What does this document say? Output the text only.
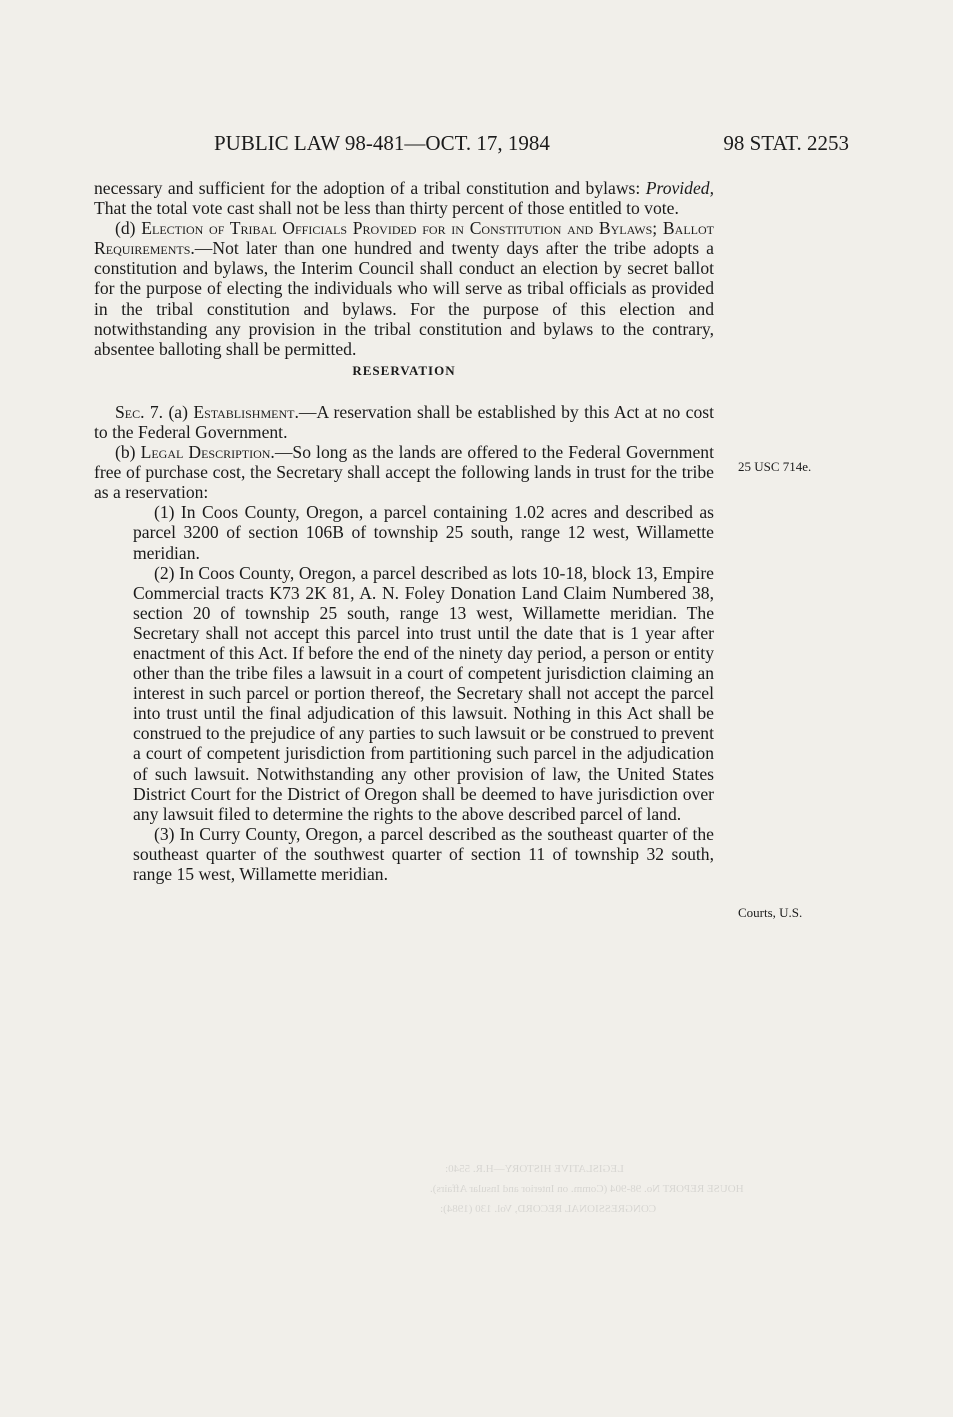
PUBLIC LAW 98-481—OCT. 17, 1984	98 STAT. 2253

necessary and sufficient for the adoption of a tribal constitution and bylaws: Provided, That the total vote cast shall not be less than thirty percent of those entitled to vote.

(d) Election of Tribal Officials Provided for in Constitution and Bylaws; Ballot Requirements.—Not later than one hundred and twenty days after the tribe adopts a constitution and bylaws, the Interim Council shall conduct an election by secret ballot for the purpose of electing the individuals who will serve as tribal officials as provided in the tribal constitution and bylaws. For the purpose of this election and notwithstanding any provision in the tribal constitution and bylaws to the contrary, absentee balloting shall be permitted.

RESERVATION

Sec. 7. (a) Establishment.—A reservation shall be established by this Act at no cost to the Federal Government.

(b) Legal Description.—So long as the lands are offered to the Federal Government free of purchase cost, the Secretary shall accept the following lands in trust for the tribe as a reservation:

(1) In Coos County, Oregon, a parcel containing 1.02 acres and described as parcel 3200 of section 106B of township 25 south, range 12 west, Willamette meridian.

(2) In Coos County, Oregon, a parcel described as lots 10-18, block 13, Empire Commercial tracts K73 2K 81, A. N. Foley Donation Land Claim Numbered 38, section 20 of township 25 south, range 13 west, Willamette meridian. The Secretary shall not accept this parcel into trust until the date that is 1 year after enactment of this Act. If before the end of the ninety day period, a person or entity other than the tribe files a lawsuit in a court of competent jurisdiction claiming an interest in such parcel or portion thereof, the Secretary shall not accept the parcel into trust until the final adjudication of this lawsuit. Nothing in this Act shall be construed to the prejudice of any parties to such lawsuit or be construed to prevent a court of competent jurisdiction from partitioning such parcel in the adjudication of such lawsuit. Notwithstanding any other provision of law, the United States District Court for the District of Oregon shall be deemed to have jurisdiction over any lawsuit filed to determine the rights to the above described parcel of land.

(3) In Curry County, Oregon, a parcel described as the southeast quarter of the southeast quarter of the southwest quarter of section 11 of township 32 south, range 15 west, Willamette meridian.

25 USC 714e.
Courts, U.S.
LEGISLATIVE HISTORY—H.R. 5540:
HOUSE REPORT No. 98-904 (Comm. on Interior and Insular Affairs).
CONGRESSIONAL RECORD, Vol. 130 (1984):
